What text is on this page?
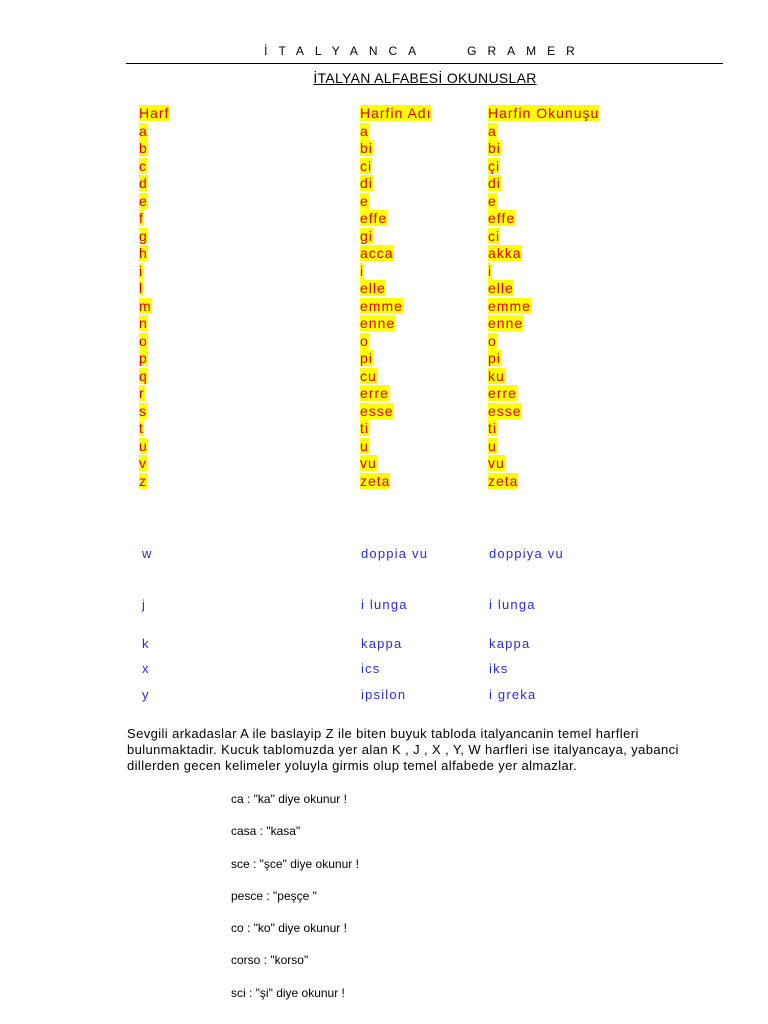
İTALYANCA	GRAMER
İTALYAN ALFABESİ OKUNUSLAR
Harf	Harfin Adı	Harfin Okunuşu
a	a	a
b	bi	bi
c	ci	çi
d	di	di
e	e	e
f	effe	effe
g	gi	ci
h	acca	akka
i	i	i
l	elle	elle
m	emme	emme
n	enne	enne
o	o	o
p	pi	pi
q	cu	ku
r	erre	erre
s	esse	esse
t	ti	ti
u	u	u
v	vu	vu
z	zeta	zeta
w	doppia vu	doppiya vu
j	i lunga	i lunga
k	kappa	kappa
x	ics	iks
y	ipsilon	i greka
Sevgili arkadaslar A ile baslayip Z ile biten buyuk tabloda italyancanin temel harfleri bulunmaktadir. Kucuk tablomuzda yer alan K , J , X , Y, W harfleri ise italyancaya, yabanci dillerden gecen kelimeler yoluyla girmis olup temel alfabede yer almazlar.
ca : "ka" diye okunur !
casa : "kasa"
sce : "şce" diye okunur !
pesce : "peşçe "
co : "ko" diye okunur !
corso : "korso"
sci : "şi" diye okunur !
